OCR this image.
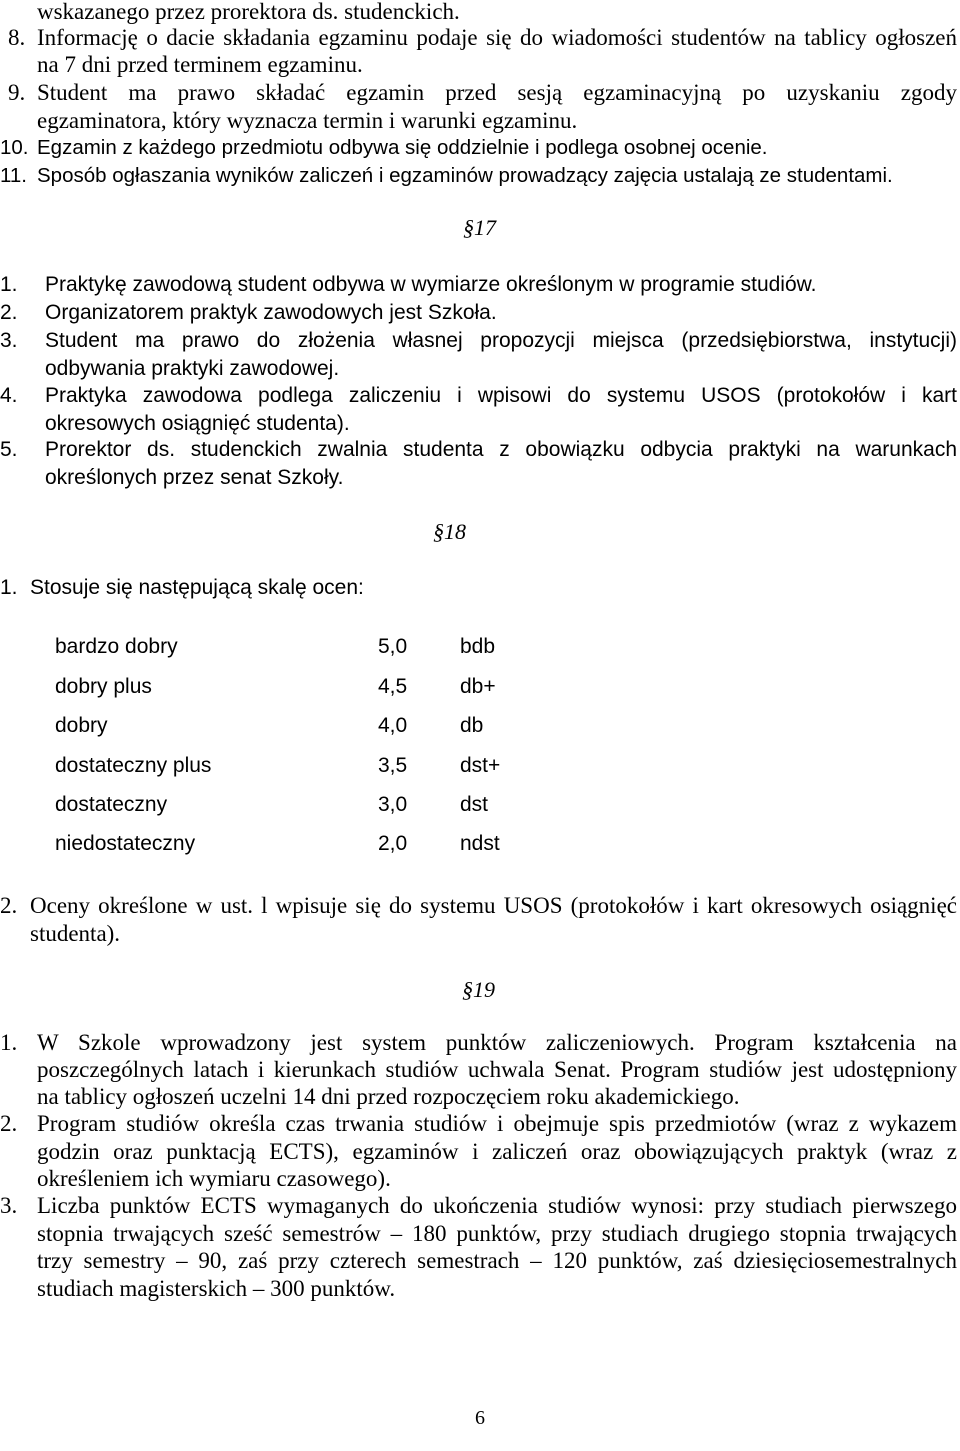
wskazanego przez prorektora ds. studenckich.
8. Informację o dacie składania egzaminu podaje się do wiadomości studentów na tablicy ogłoszeń
na 7 dni przed terminem egzaminu.
9. Student ma prawo składać egzamin przed sesją egzaminacyjną po uzyskaniu zgody
egzaminatora, który wyznacza termin i warunki egzaminu.
10. Egzamin z każdego przedmiotu odbywa się oddzielnie i podlega osobnej ocenie.
11. Sposób ogłaszania wyników zaliczeń i egzaminów prowadzący zajęcia ustalają ze studentami.
§17
1. Praktykę zawodową student odbywa w wymiarze określonym w programie studiów.
2. Organizatorem praktyk zawodowych jest Szkoła.
3. Student ma prawo do złożenia własnej propozycji miejsca (przedsiębiorstwa, instytucji)
odbywania praktyki zawodowej.
4. Praktyka zawodowa podlega zaliczeniu i wpisowi do systemu USOS (protokołów i kart
okresowych osiągnięć studenta).
5. Prorektor ds. studenckich zwalnia studenta z obowiązku odbycia praktyki na warunkach
określonych przez senat Szkoły.
§18
1. Stosuje się następującą skalę ocen:
bardzo dobry	5,0	bdb
dobry plus	4,5	db+
dobry	4,0	db
dostateczny plus	3,5	dst+
dostateczny	3,0	dst
niedostateczny	2,0	ndst
2. Oceny określone w ust. l wpisuje się do systemu USOS (protokołów i kart okresowych osiągnięć
studenta).
§19
1. W Szkole wprowadzony jest system punktów zaliczeniowych. Program kształcenia na
poszczególnych latach i kierunkach studiów uchwala Senat. Program studiów jest udostępniony
na tablicy ogłoszeń uczelni 14 dni przed rozpoczęciem roku akademickiego.
2. Program studiów określa czas trwania studiów i obejmuje spis przedmiotów (wraz z wykazem
godzin oraz punktacją ECTS), egzaminów i zaliczeń oraz obowiązujących praktyk (wraz z
określeniem ich wymiaru czasowego).
3. Liczba punktów ECTS wymaganych do ukończenia studiów wynosi: przy studiach pierwszego
stopnia trwających sześć semestrów – 180 punktów, przy studiach drugiego stopnia trwających
trzy semestry – 90, zaś przy czterech semestrach – 120 punktów, zaś dziesięciosemestralnych
studiach magisterskich – 300 punktów.
6
